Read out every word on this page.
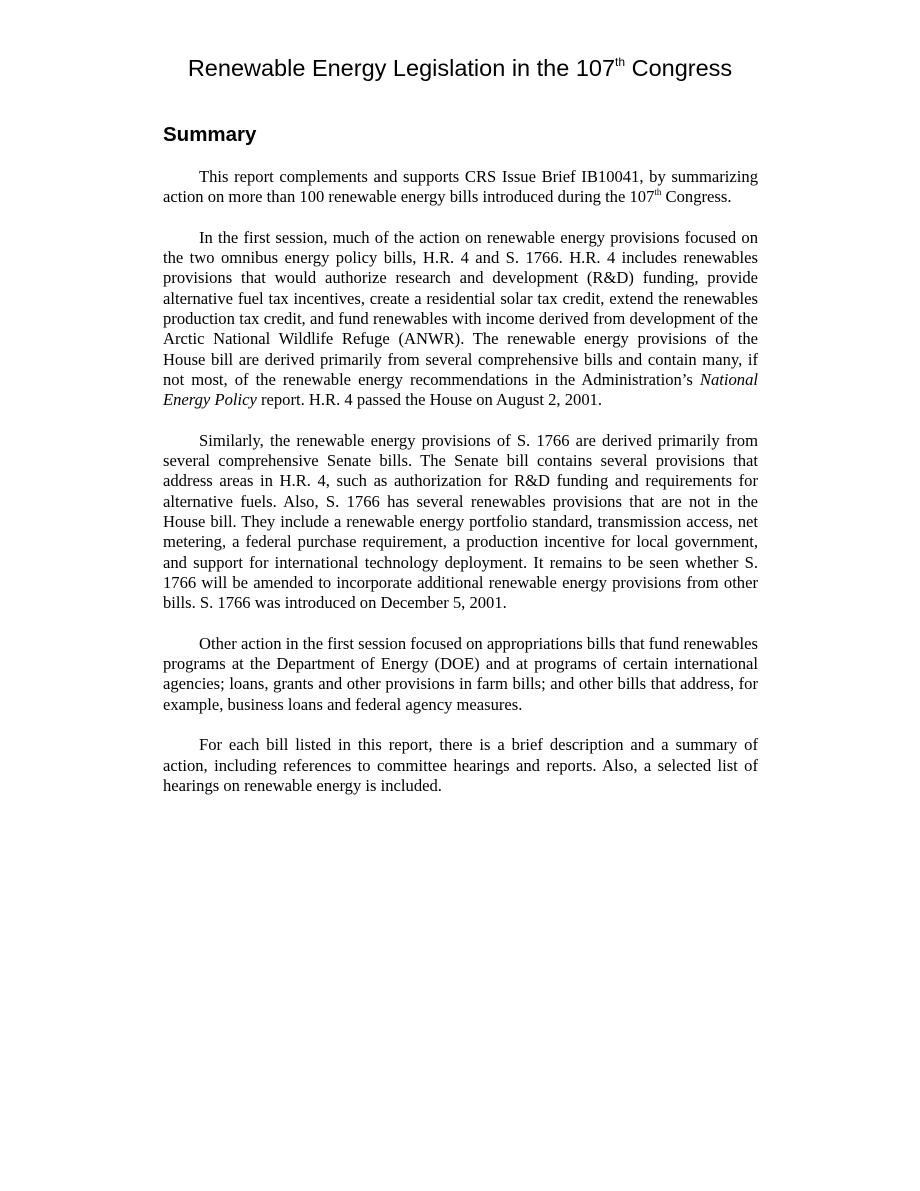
Renewable Energy Legislation in the 107th Congress
Summary

This report complements and supports CRS Issue Brief IB10041, by summarizing action on more than 100 renewable energy bills introduced during the 107th Congress.

In the first session, much of the action on renewable energy provisions focused on the two omnibus energy policy bills, H.R. 4 and S. 1766. H.R. 4 includes renewables provisions that would authorize research and development (R&D) funding, provide alternative fuel tax incentives, create a residential solar tax credit, extend the renewables production tax credit, and fund renewables with income derived from development of the Arctic National Wildlife Refuge (ANWR). The renewable energy provisions of the House bill are derived primarily from several comprehensive bills and contain many, if not most, of the renewable energy recommendations in the Administration’s National Energy Policy report. H.R. 4 passed the House on August 2, 2001.

Similarly, the renewable energy provisions of S. 1766 are derived primarily from several comprehensive Senate bills. The Senate bill contains several provisions that address areas in H.R. 4, such as authorization for R&D funding and requirements for alternative fuels. Also, S. 1766 has several renewables provisions that are not in the House bill. They include a renewable energy portfolio standard, transmission access, net metering, a federal purchase requirement, a production incentive for local government, and support for international technology deployment. It remains to be seen whether S. 1766 will be amended to incorporate additional renewable energy provisions from other bills. S. 1766 was introduced on December 5, 2001.

Other action in the first session focused on appropriations bills that fund renewables programs at the Department of Energy (DOE) and at programs of certain international agencies; loans, grants and other provisions in farm bills; and other bills that address, for example, business loans and federal agency measures.

For each bill listed in this report, there is a brief description and a summary of action, including references to committee hearings and reports. Also, a selected list of hearings on renewable energy is included.
